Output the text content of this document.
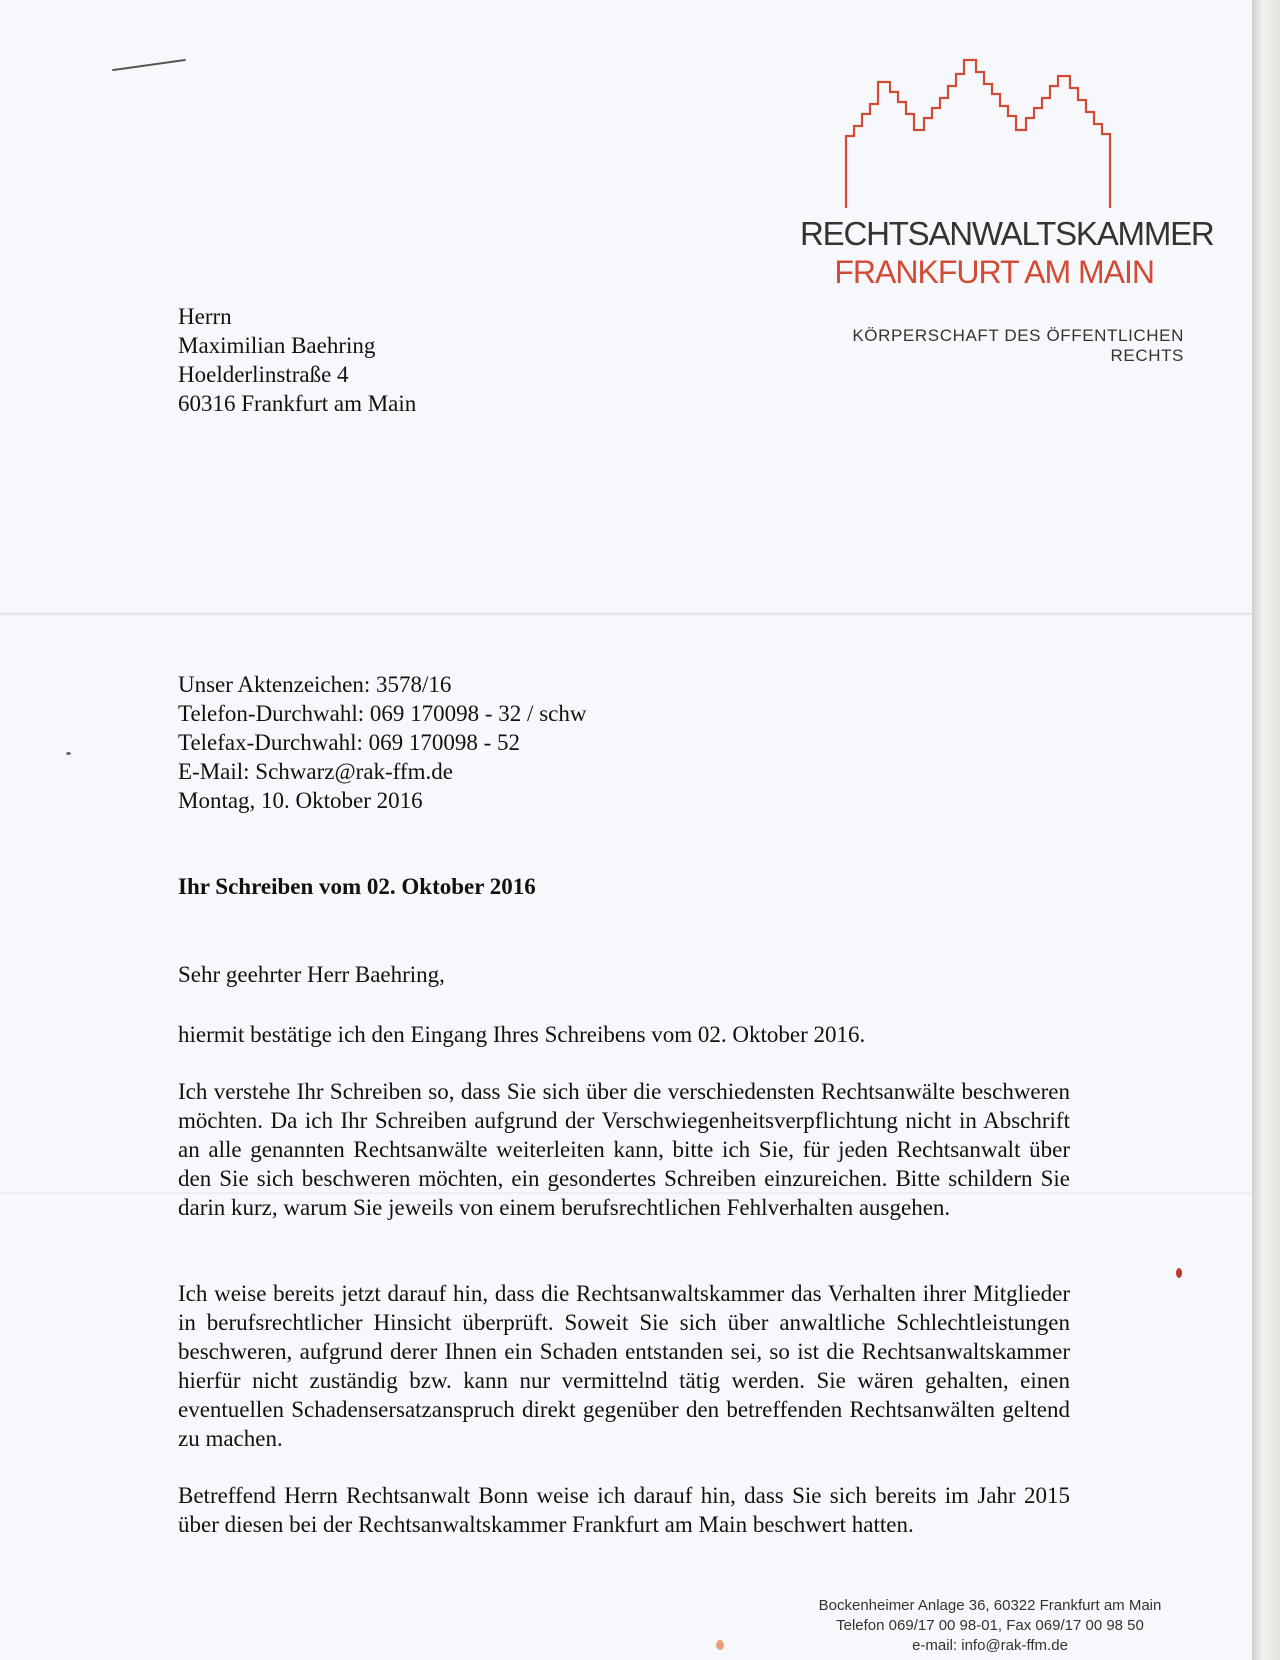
RECHTSANWALTSKAMMER
FRANKFURT AM MAIN
KÖRPERSCHAFT DES ÖFFENTLICHEN RECHTS
Herrn
Maximilian Baehring
Hoelderlinstraße 4
60316 Frankfurt am Main
Unser Aktenzeichen: 3578/16
Telefon-Durchwahl: 069 170098 - 32 / schw
Telefax-Durchwahl: 069 170098 - 52
E-Mail: Schwarz@rak-ffm.de
Montag, 10. Oktober 2016
Ihr Schreiben vom 02. Oktober 2016
Sehr geehrter Herr Baehring,
hiermit bestätige ich den Eingang Ihres Schreibens vom 02. Oktober 2016.
Ich verstehe Ihr Schreiben so, dass Sie sich über die verschiedensten Rechtsanwälte beschweren möchten. Da ich Ihr Schreiben aufgrund der Verschwiegenheitsverpflichtung nicht in Abschrift an alle genannten Rechtsanwälte weiterleiten kann, bitte ich Sie, für jeden Rechtsanwalt über den Sie sich beschweren möchten, ein gesondertes Schreiben einzureichen. Bitte schildern Sie darin kurz, warum Sie jeweils von einem berufsrechtlichen Fehlverhalten ausgehen.
Ich weise bereits jetzt darauf hin, dass die Rechtsanwaltskammer das Verhalten ihrer Mitglieder in berufsrechtlicher Hinsicht überprüft. Soweit Sie sich über anwaltliche Schlechtleistungen beschweren, aufgrund derer Ihnen ein Schaden entstanden sei, so ist die Rechtsanwaltskammer hierfür nicht zuständig bzw. kann nur vermittelnd tätig werden. Sie wären gehalten, einen eventuellen Schadensersatzanspruch direkt gegenüber den betreffenden Rechtsanwälten geltend zu machen.
Betreffend Herrn Rechtsanwalt Bonn weise ich darauf hin, dass Sie sich bereits im Jahr 2015 über diesen bei der Rechtsanwaltskammer Frankfurt am Main beschwert hatten.
Bockenheimer Anlage 36, 60322 Frankfurt am Main
Telefon 069/17 00 98-01, Fax 069/17 00 98 50
e-mail: info@rak-ffm.de
